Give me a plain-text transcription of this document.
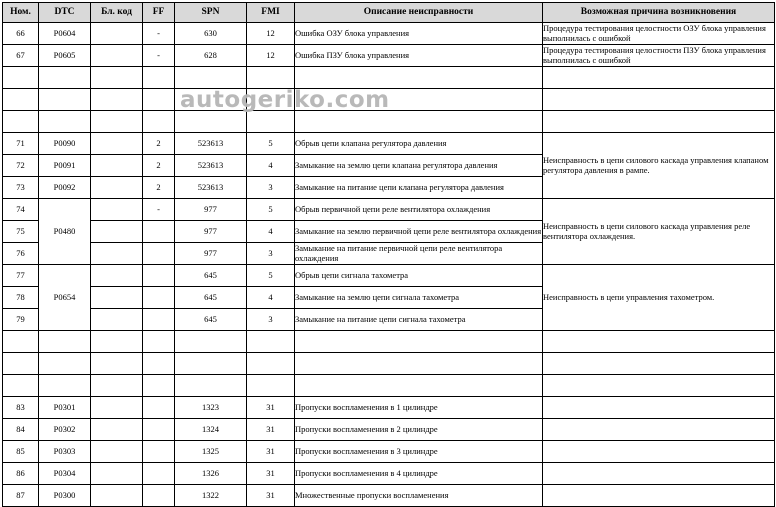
Ном.	DTC	Бл. код	FF	SPN	FMI	Описание неисправности	Возможная причина возникновения
66	P0604		-	630	12	Ошибка ОЗУ блока управления	Процедура тестирования целостности ОЗУ блока управления выполнилась с ошибкой
67	P0605		-	628	12	Ошибка ПЗУ блока управления	Процедура тестирования целостности ПЗУ блока управления выполнилась с ошибкой

71	P0090		2	523613	5	Обрыв цепи клапана регулятора давления	Неисправность в цепи силового каскада управления клапаном регулятора давления в рампе.
72	P0091		2	523613	4	Замыкание на землю цепи клапана регулятора давления	
73	P0092		2	523613	3	Замыкание на питание цепи клапана регулятора давления	
74	P0480		-	977	5	Обрыв первичной цепи реле вентилятора охлаждения	Неисправность в цепи силового каскада управления реле вентилятора охлаждения.
75				977	4	Замыкание на землю первичной цепи реле вентилятора охлаждения	
76				977	3	Замыкание на питание первичной цепи реле вентилятора охлаждения	
77	P0654			645	5	Обрыв цепи сигнала тахометра	Неисправность в цепи управления тахометром.
78				645	4	Замыкание на землю цепи сигнала тахометра	
79				645	3	Замыкание на питание цепи сигнала тахометра	

83	P0301			1323	31	Пропуски воспламенения в 1 цилиндре	
84	P0302			1324	31	Пропуски воспламенения в 2 цилиндре	
85	P0303			1325	31	Пропуски воспламенения в 3 цилиндре	
86	P0304			1326	31	Пропуски воспламенения в 4 цилиндре	
87	P0300			1322	31	Множественные пропуски воспламенения	
autogeriko.com
